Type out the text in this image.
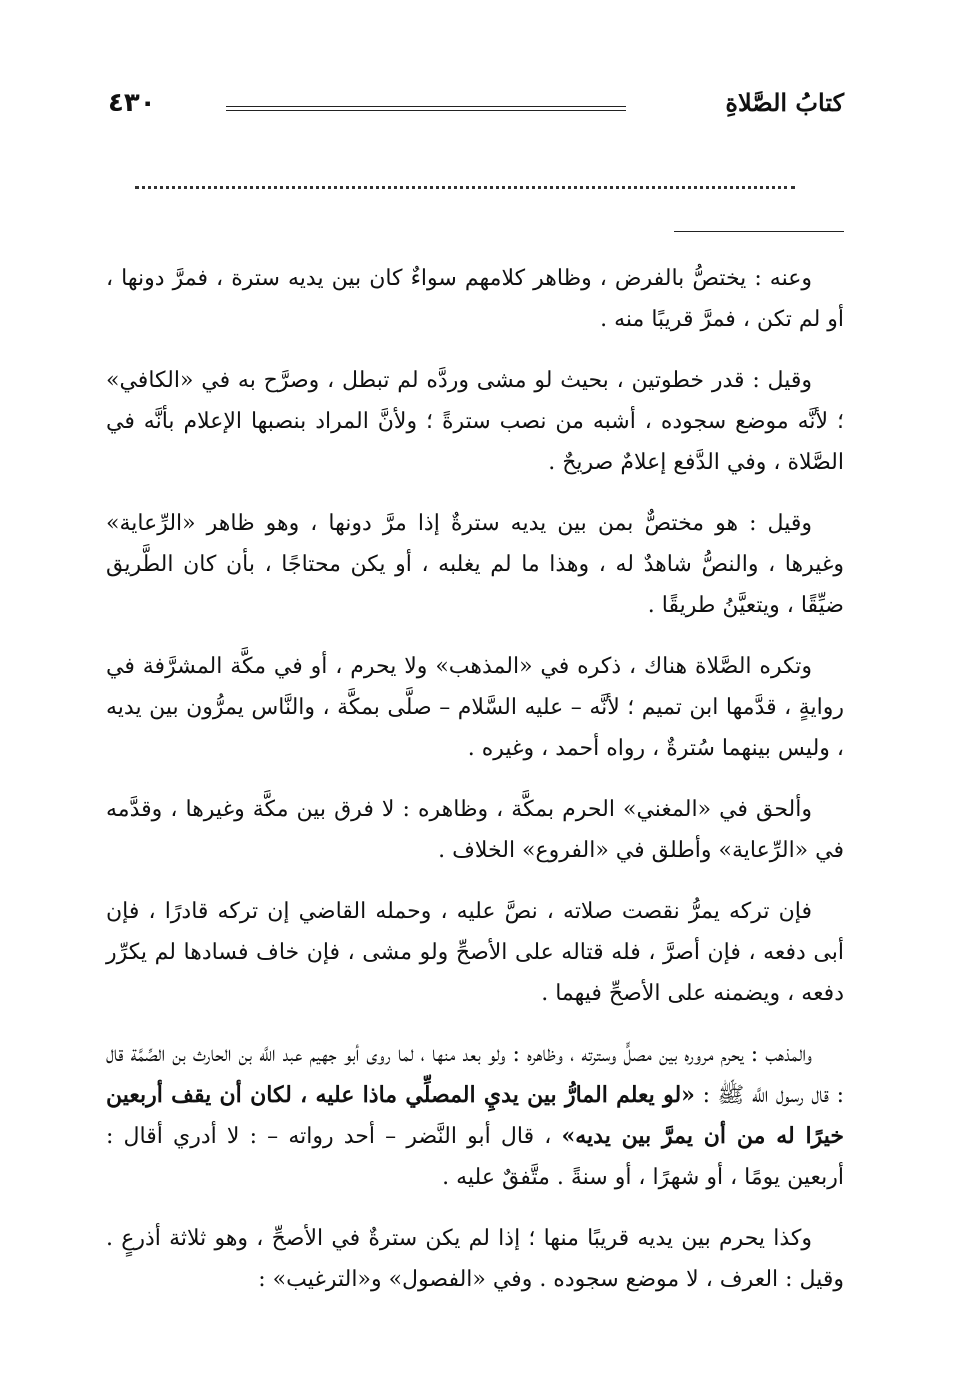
٤٣٠	كتابُ الصَّلاةِ

وعنه : يختصُّ بالفرض ، وظاهر كلامهم سواءٌ كان بين يديه سترة ، فمرَّ دونها ، أو لم تكن ، فمرَّ قريبًا منه .

وقيل : قدر خطوتين ، بحيث لو مشى وردَّه لم تبطل ، وصرَّح به في «الكافي» ؛ لأنَّه موضع سجوده ، أشبه من نصب سترةً ؛ ولأنَّ المراد بنصبها الإعلام بأنَّه في الصَّلاة ، وفي الدَّفع إعلامٌ صريحٌ .

وقيل : هو مختصٌّ بمن بين يديه سترةٌ إذا مرَّ دونها ، وهو ظاهر «الرِّعاية» وغيرها ، والنصُّ شاهدٌ له ، وهذا ما لم يغلبه ، أو يكن محتاجًا ، بأن كان الطَّريق ضيِّقًا ، ويتعيَّنُ طريقًا .

وتكره الصَّلاة هناك ، ذكره في «المذهب» ولا يحرم ، أو في مكَّة المشرَّفة في روايةٍ ، قدَّمها ابن تميم ؛ لأنَّه – عليه السَّلام – صلَّى بمكَّة ، والنَّاس يمرُّون بين يديه ، وليس بينهما سُترةٌ ، رواه أحمد ، وغيره .

وألحق في «المغني» الحرم بمكَّة ، وظاهره : لا فرق بين مكَّة وغيرها ، وقدَّمه في «الرِّعاية» وأطلق في «الفروع» الخلاف .

فإن تركه يمرُّ نقصت صلاته ، نصَّ عليه ، وحمله القاضي إن تركه قادرًا ، فإن أبى دفعه ، فإن أصرَّ ، فله قتاله على الأصحِّ ولو مشى ، فإن خاف فسادها لم يكرِّر دفعه ، ويضمنه على الأصحِّ فيهما .

والمذهب : يحرم مروره بين مصلٍّ وسترته ، وظاهره : ولو بعد منها ، لما روى أبو جهيم عبد اللَّه بن الحارث بن الصِّمَّة قال : قال رسول اللَّه ﷺ : «لو يعلم المارُّ بين يديِ المصلِّي ماذا عليه ، لكان أن يقف أربعين خيرًا له من أن يمرَّ بين يديه» ، قال أبو النَّضر – أحد رواته – : لا أدري أقال : أربعين يومًا ، أو شهرًا ، أو سنةً . متَّفقٌ عليه .

وكذا يحرم بين يديه قريبًا منها ؛ إذا لم يكن سترةٌ في الأصحِّ ، وهو ثلاثة أذرعٍ . وقيل : العرف ، لا موضع سجوده . وفي «الفصول» و«الترغيب» :
